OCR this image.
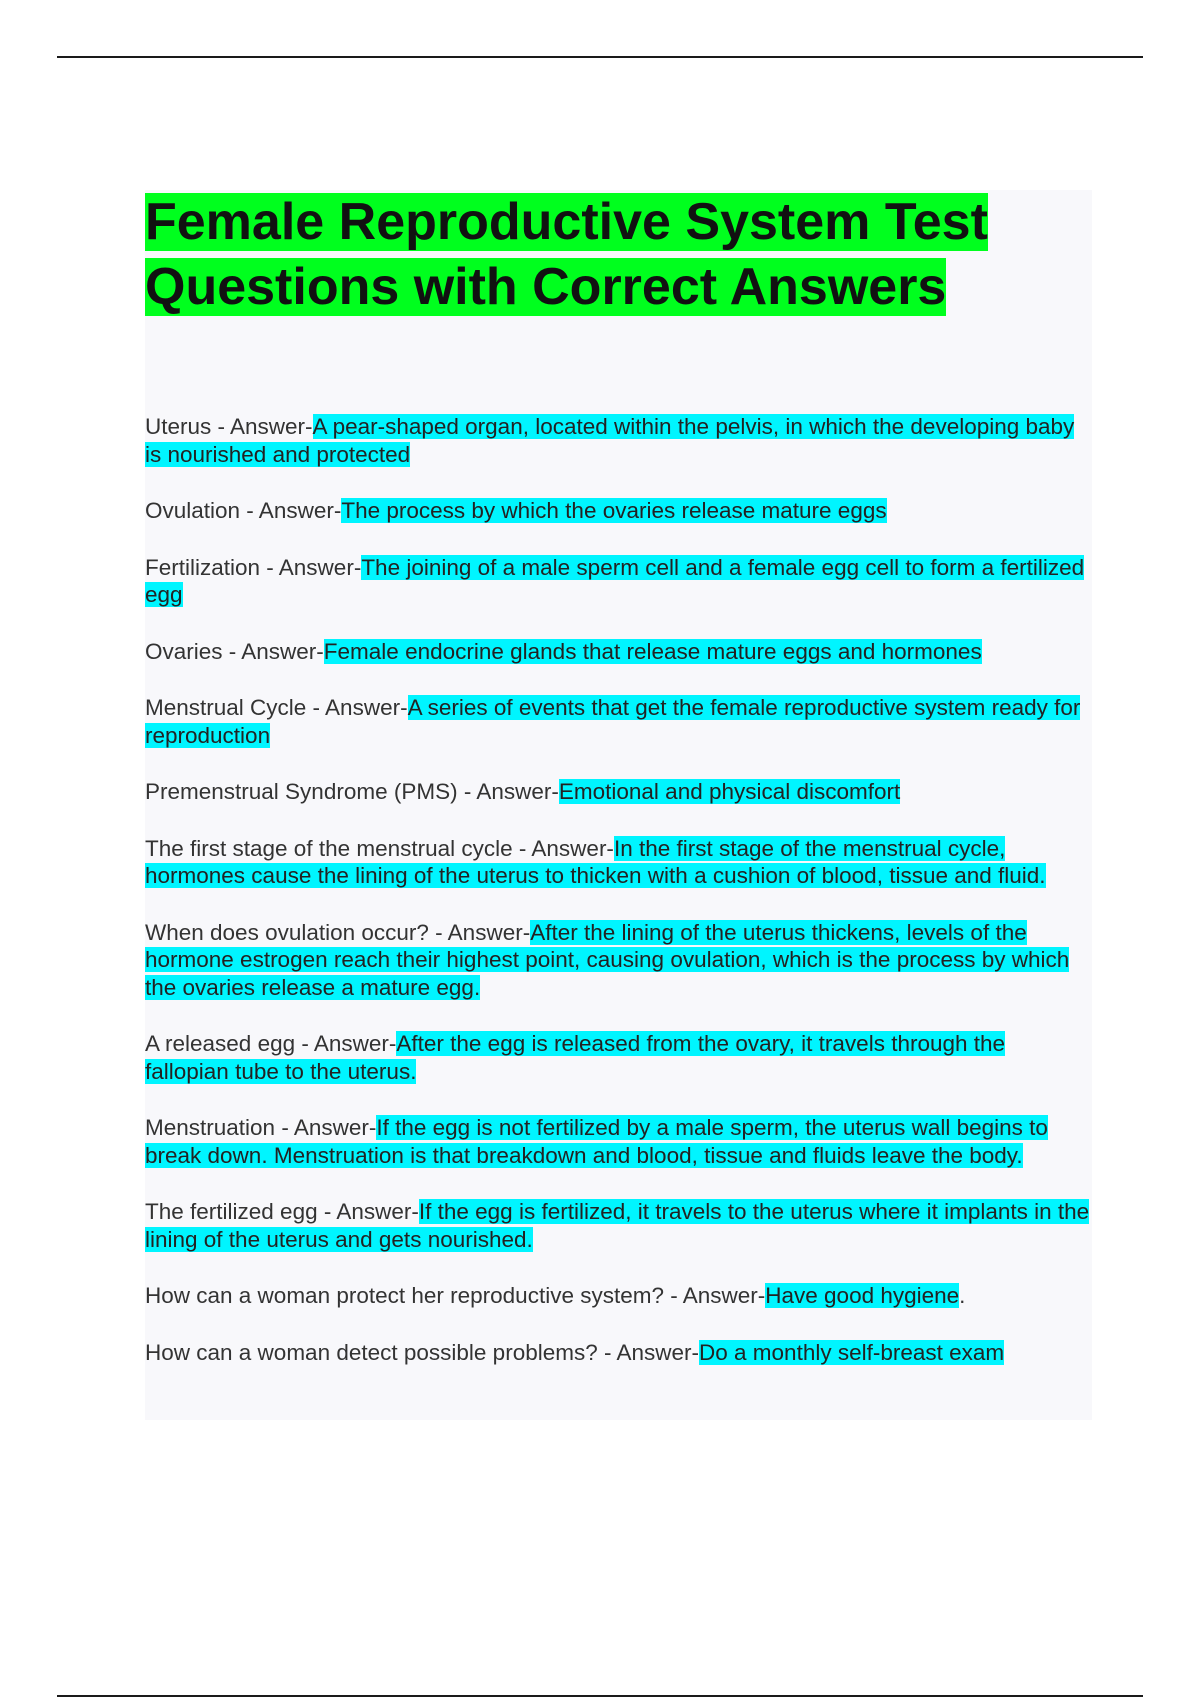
Female Reproductive System Test Questions with Correct Answers

Uterus - Answer-A pear-shaped organ, located within the pelvis, in which the developing baby is nourished and protected

Ovulation - Answer-The process by which the ovaries release mature eggs

Fertilization - Answer-The joining of a male sperm cell and a female egg cell to form a fertilized egg

Ovaries - Answer-Female endocrine glands that release mature eggs and hormones

Menstrual Cycle - Answer-A series of events that get the female reproductive system ready for reproduction

Premenstrual Syndrome (PMS) - Answer-Emotional and physical discomfort

The first stage of the menstrual cycle - Answer-In the first stage of the menstrual cycle, hormones cause the lining of the uterus to thicken with a cushion of blood, tissue and fluid.

When does ovulation occur? - Answer-After the lining of the uterus thickens, levels of the hormone estrogen reach their highest point, causing ovulation, which is the process by which the ovaries release a mature egg.

A released egg - Answer-After the egg is released from the ovary, it travels through the fallopian tube to the uterus.

Menstruation - Answer-If the egg is not fertilized by a male sperm, the uterus wall begins to break down. Menstruation is that breakdown and blood, tissue and fluids leave the body.

The fertilized egg - Answer-If the egg is fertilized, it travels to the uterus where it implants in the lining of the uterus and gets nourished.

How can a woman protect her reproductive system? - Answer-Have good hygiene.

How can a woman detect possible problems? - Answer-Do a monthly self-breast exam
